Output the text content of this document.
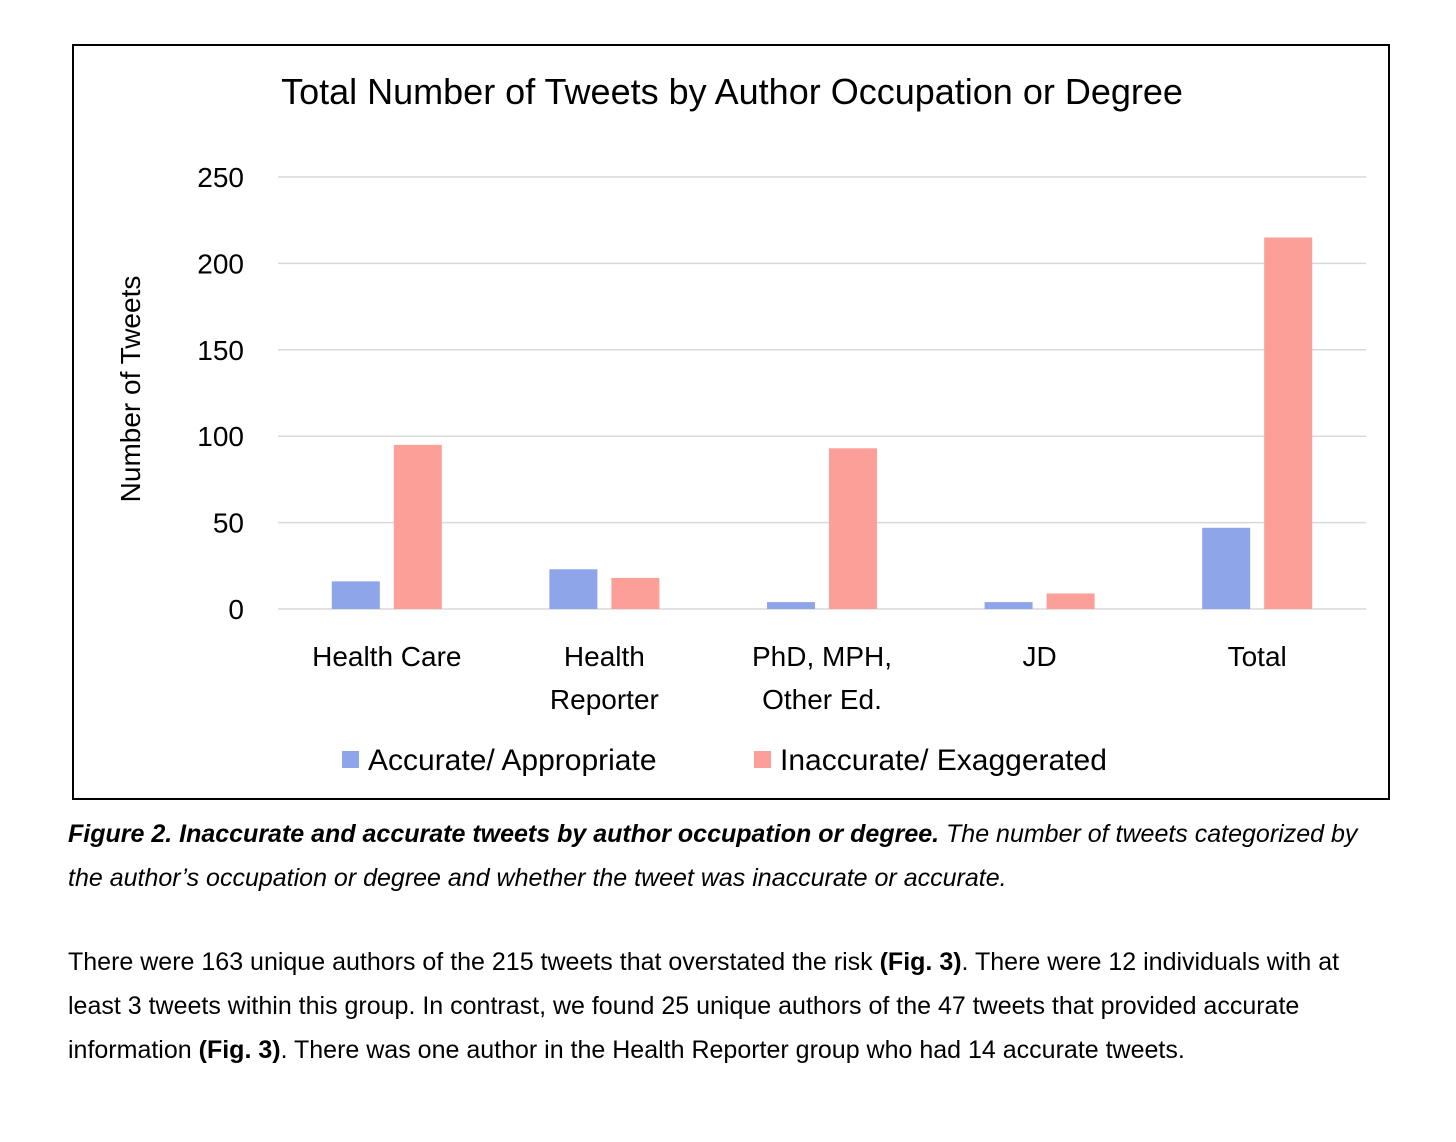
Total Number of Tweets by Author Occupation or Degree
Number of Tweets
0
50
100
150
200
250
Health Care	Health
Reporter
PhD, MPH,
Other Ed.
JD	Total
Accurate/ Appropriate	Inaccurate/ Exaggerated
Figure 2. Inaccurate and accurate tweets by author occupation or degree. The number of tweets categorized by the author’s occupation or degree and whether the tweet was inaccurate or accurate.
There were 163 unique authors of the 215 tweets that overstated the risk (Fig. 3). There were 12 individuals with at least 3 tweets within this group. In contrast, we found 25 unique authors of the 47 tweets that provided accurate information (Fig. 3). There was one author in the Health Reporter group who had 14 accurate tweets.
